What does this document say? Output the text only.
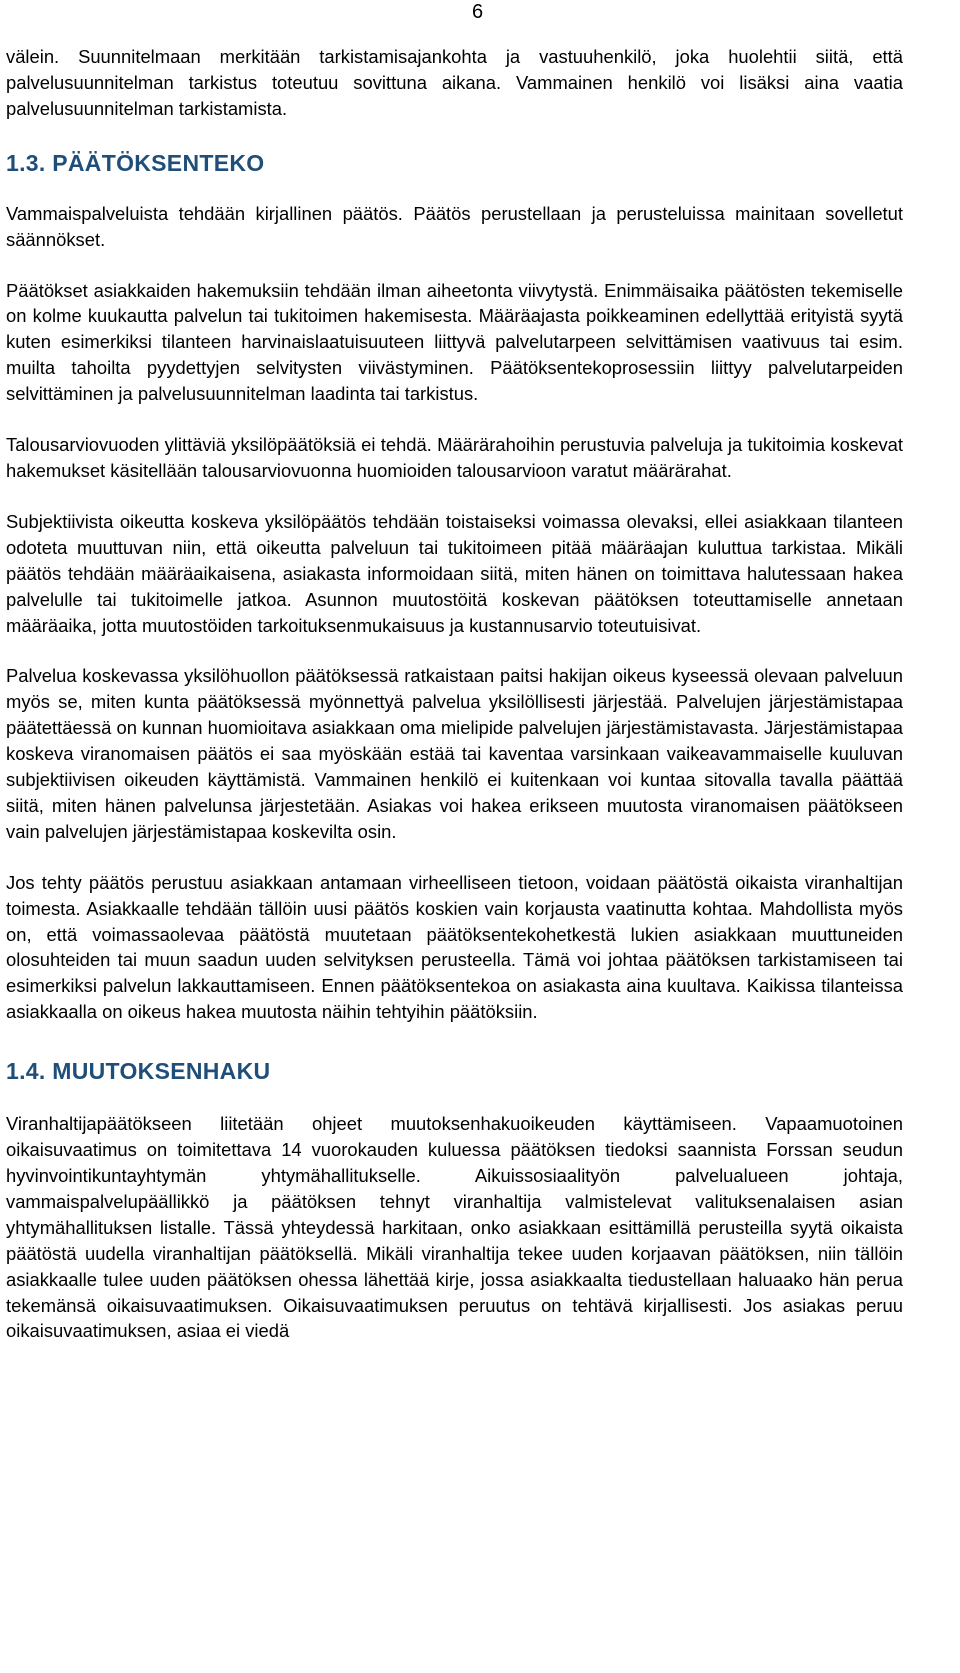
6

välein. Suunnitelmaan merkitään tarkistamisajankohta ja vastuuhenkilö, joka huolehtii siitä, että palvelusuunnitelman tarkistus toteutuu sovittuna aikana. Vammainen henkilö voi lisäksi aina vaatia palvelusuunnitelman tarkistamista.

1.3. PÄÄTÖKSENTEKO

Vammaispalveluista tehdään kirjallinen päätös. Päätös perustellaan ja perusteluissa mainitaan sovelletut säännökset.

Päätökset asiakkaiden hakemuksiin tehdään ilman aiheetonta viivytystä. Enimmäisaika päätösten tekemiselle on kolme kuukautta palvelun tai tukitoimen hakemisesta. Määräajasta poikkeaminen edellyttää erityistä syytä kuten esimerkiksi tilanteen harvinaislaatuisuuteen liittyvä palvelutarpeen selvittämisen vaativuus tai esim. muilta tahoilta pyydettyjen selvitysten viivästyminen. Päätöksentekoprosessiin liittyy palvelutarpeiden selvittäminen ja palvelusuunnitelman laadinta tai tarkistus.

Talousarviovuoden ylittäviä yksilöpäätöksiä ei tehdä. Määrärahoihin perustuvia palveluja ja tukitoimia koskevat hakemukset käsitellään talousarviovuonna huomioiden talousarvioon varatut määrärahat.

Subjektiivista oikeutta koskeva yksilöpäätös tehdään toistaiseksi voimassa olevaksi, ellei asiakkaan tilanteen odoteta muuttuvan niin, että oikeutta palveluun tai tukitoimeen pitää määräajan kuluttua tarkistaa. Mikäli päätös tehdään määräaikaisena, asiakasta informoidaan siitä, miten hänen on toimittava halutessaan hakea palvelulle tai tukitoimelle jatkoa. Asunnon muutostöitä koskevan päätöksen toteuttamiselle annetaan määräaika, jotta muutostöiden tarkoituksenmukaisuus ja kustannusarvio toteutuisivat.

Palvelua koskevassa yksilöhuollon päätöksessä ratkaistaan paitsi hakijan oikeus kyseessä olevaan palveluun myös se, miten kunta päätöksessä myönnettyä palvelua yksilöllisesti järjestää. Palvelujen järjestämistapaa päätettäessä on kunnan huomioitava asiakkaan oma mielipide palvelujen järjestämistavasta. Järjestämistapaa koskeva viranomaisen päätös ei saa myöskään estää tai kaventaa varsinkaan vaikeavammaiselle kuuluvan subjektiivisen oikeuden käyttämistä. Vammainen henkilö ei kuitenkaan voi kuntaa sitovalla tavalla päättää siitä, miten hänen palvelunsa järjestetään. Asiakas voi hakea erikseen muutosta viranomaisen päätökseen vain palvelujen järjestämistapaa koskevilta osin.

Jos tehty päätös perustuu asiakkaan antamaan virheelliseen tietoon, voidaan päätöstä oikaista viranhaltijan toimesta. Asiakkaalle tehdään tällöin uusi päätös koskien vain korjausta vaatinutta kohtaa. Mahdollista myös on, että voimassaolevaa päätöstä muutetaan päätöksentekohetkestä lukien asiakkaan muuttuneiden olosuhteiden tai muun saadun uuden selvityksen perusteella. Tämä voi johtaa päätöksen tarkistamiseen tai esimerkiksi palvelun lakkauttamiseen. Ennen päätöksentekoa on asiakasta aina kuultava. Kaikissa tilanteissa asiakkaalla on oikeus hakea muutosta näihin tehtyihin päätöksiin.

1.4. MUUTOKSENHAKU

Viranhaltijapäätökseen liitetään ohjeet muutoksenhakuoikeuden käyttämiseen. Vapaamuotoinen oikaisuvaatimus on toimitettava 14 vuorokauden kuluessa päätöksen tiedoksi saannista Forssan seudun hyvinvointikuntayhtymän yhtymähallitukselle. Aikuissosiaalityön palvelualueen johtaja, vammaispalvelupäällikkö ja päätöksen tehnyt viranhaltija valmistelevat valituksenalaisen asian yhtymähallituksen listalle. Tässä yhteydessä harkitaan, onko asiakkaan esittämillä perusteilla syytä oikaista päätöstä uudella viranhaltijan päätöksellä. Mikäli viranhaltija tekee uuden korjaavan päätöksen, niin tällöin asiakkaalle tulee uuden päätöksen ohessa lähettää kirje, jossa asiakkaalta tiedustellaan haluaako hän perua tekemänsä oikaisuvaatimuksen. Oikaisuvaatimuksen peruutus on tehtävä kirjallisesti. Jos asiakas peruu oikaisuvaatimuksen, asiaa ei viedä
